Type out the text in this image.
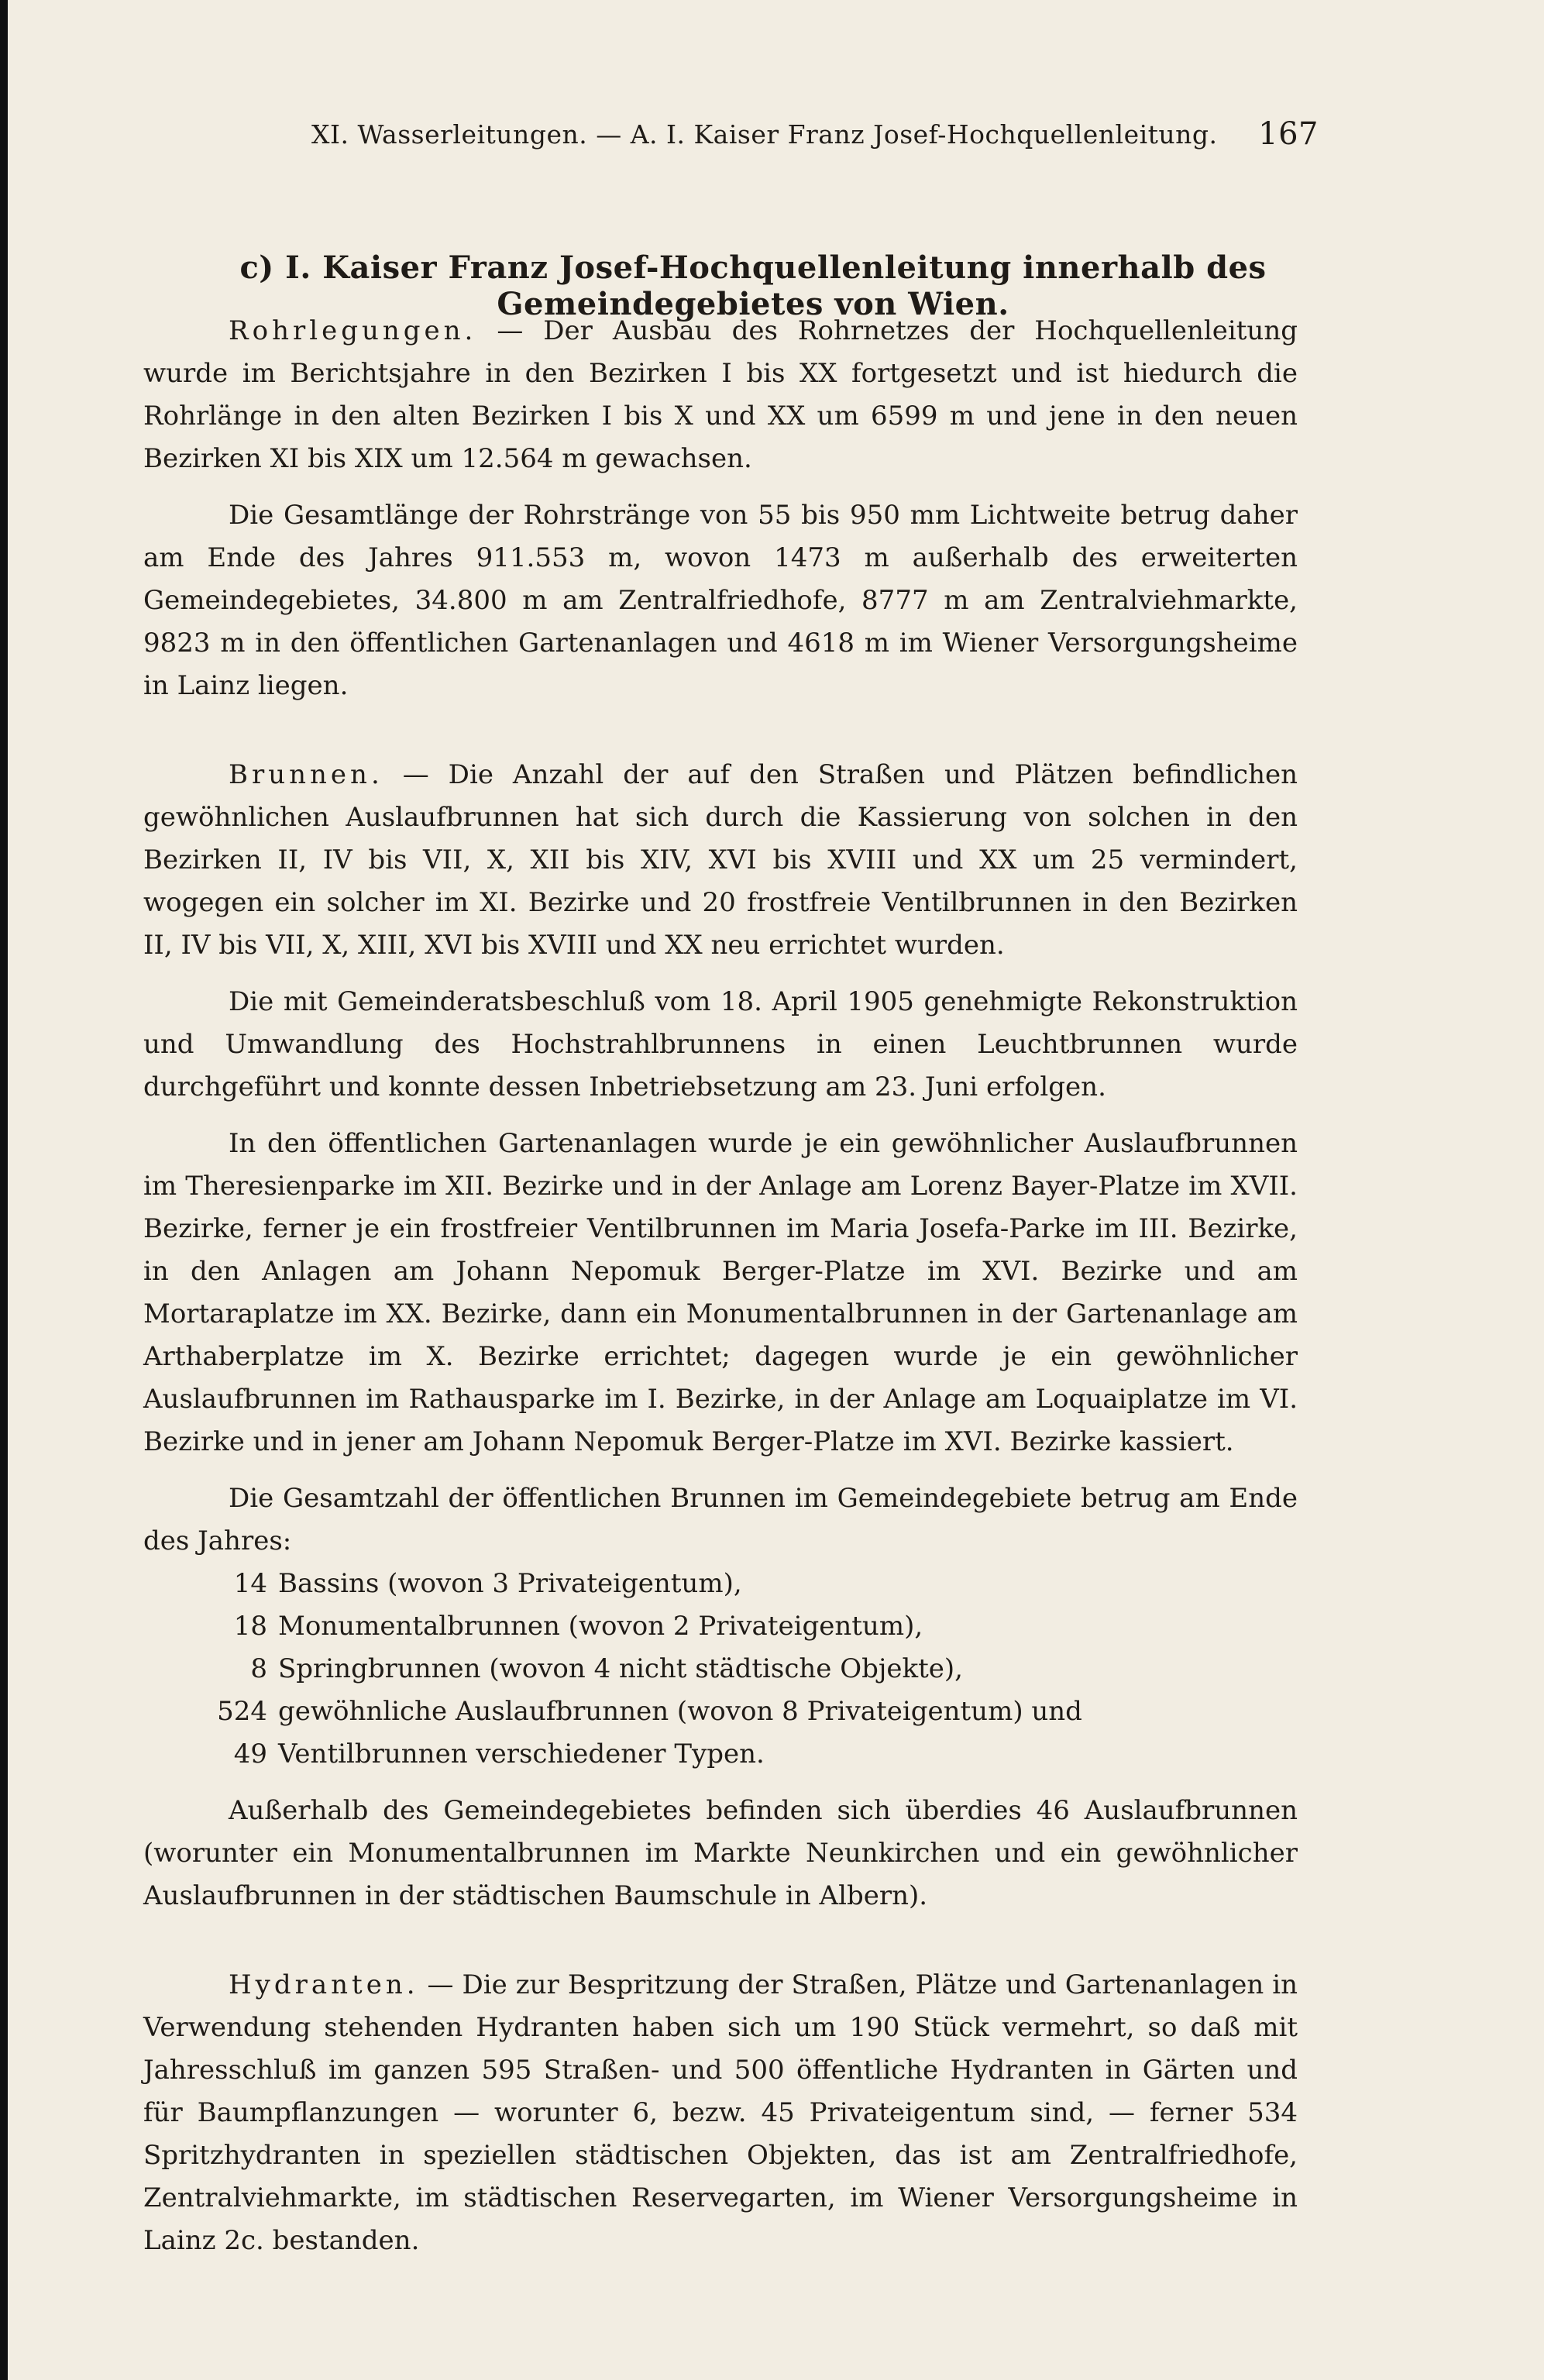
XI. Wasserleitungen. — A. I. Kaiser Franz Josef-Hochquellenleitung. 167
c) I. Kaiser Franz Josef-Hochquellenleitung innerhalb des Gemeindegebietes von Wien.

Rohrlegungen. — Der Ausbau des Rohrnetzes der Hochquellenleitung wurde im Berichtsjahre in den Bezirken I bis XX fortgesetzt und ist hiedurch die Rohrlänge in den alten Bezirken I bis X und XX um 6599 m und jene in den neuen Bezirken XI bis XIX um 12.564 m gewachsen.

Die Gesamtlänge der Rohrstränge von 55 bis 950 mm Lichtweite betrug daher am Ende des Jahres 911.553 m, wovon 1473 m außerhalb des erweiterten Gemeindegebietes, 34.800 m am Zentralfriedhofe, 8777 m am Zentralviehmarkte, 9823 m in den öffentlichen Gartenanlagen und 4618 m im Wiener Versorgungsheime in Lainz liegen.

Brunnen. — Die Anzahl der auf den Straßen und Plätzen befindlichen gewöhnlichen Auslaufbrunnen hat sich durch die Kassierung von solchen in den Bezirken II, IV bis VII, X, XII bis XIV, XVI bis XVIII und XX um 25 vermindert, wogegen ein solcher im XI. Bezirke und 20 frostfreie Ventilbrunnen in den Bezirken II, IV bis VII, X, XIII, XVI bis XVIII und XX neu errichtet wurden.

Die mit Gemeinderatsbeschluß vom 18. April 1905 genehmigte Rekonstruktion und Umwandlung des Hochstrahlbrunnens in einen Leuchtbrunnen wurde durchgeführt und konnte dessen Inbetriebsetzung am 23. Juni erfolgen.

In den öffentlichen Gartenanlagen wurde je ein gewöhnlicher Auslaufbrunnen im Theresienparke im XII. Bezirke und in der Anlage am Lorenz Bayer-Platze im XVII. Bezirke, ferner je ein frostfreier Ventilbrunnen im Maria Josefa-Parke im III. Bezirke, in den Anlagen am Johann Nepomuk Berger-Platze im XVI. Bezirke und am Mortaraplatze im XX. Bezirke, dann ein Monumentalbrunnen in der Gartenanlage am Arthaberplatze im X. Bezirke errichtet; dagegen wurde je ein gewöhnlicher Auslaufbrunnen im Rathausparke im I. Bezirke, in der Anlage am Loquaiplatze im VI. Bezirke und in jener am Johann Nepomuk Berger-Platze im XVI. Bezirke kassiert.

Die Gesamtzahl der öffentlichen Brunnen im Gemeindegebiete betrug am Ende des Jahres:

14 Bassins (wovon 3 Privateigentum),
18 Monumentalbrunnen (wovon 2 Privateigentum),
8 Springbrunnen (wovon 4 nicht städtische Objekte),
524 gewöhnliche Auslaufbrunnen (wovon 8 Privateigentum) und
49 Ventilbrunnen verschiedener Typen.

Außerhalb des Gemeindegebietes befinden sich überdies 46 Auslaufbrunnen (worunter ein Monumentalbrunnen im Markte Neunkirchen und ein gewöhnlicher Auslaufbrunnen in der städtischen Baumschule in Albern).

Hydranten. — Die zur Bespritzung der Straßen, Plätze und Gartenanlagen in Verwendung stehenden Hydranten haben sich um 190 Stück vermehrt, so daß mit Jahresschluß im ganzen 595 Straßen- und 500 öffentliche Hydranten in Gärten und für Baumpflanzungen — worunter 6, bezw. 45 Privateigentum sind, — ferner 534 Spritzhydranten in speziellen städtischen Objekten, das ist am Zentralfriedhofe, Zentralviehmarkte, im städtischen Reservegarten, im Wiener Versorgungsheime in Lainz 2c. bestanden.
